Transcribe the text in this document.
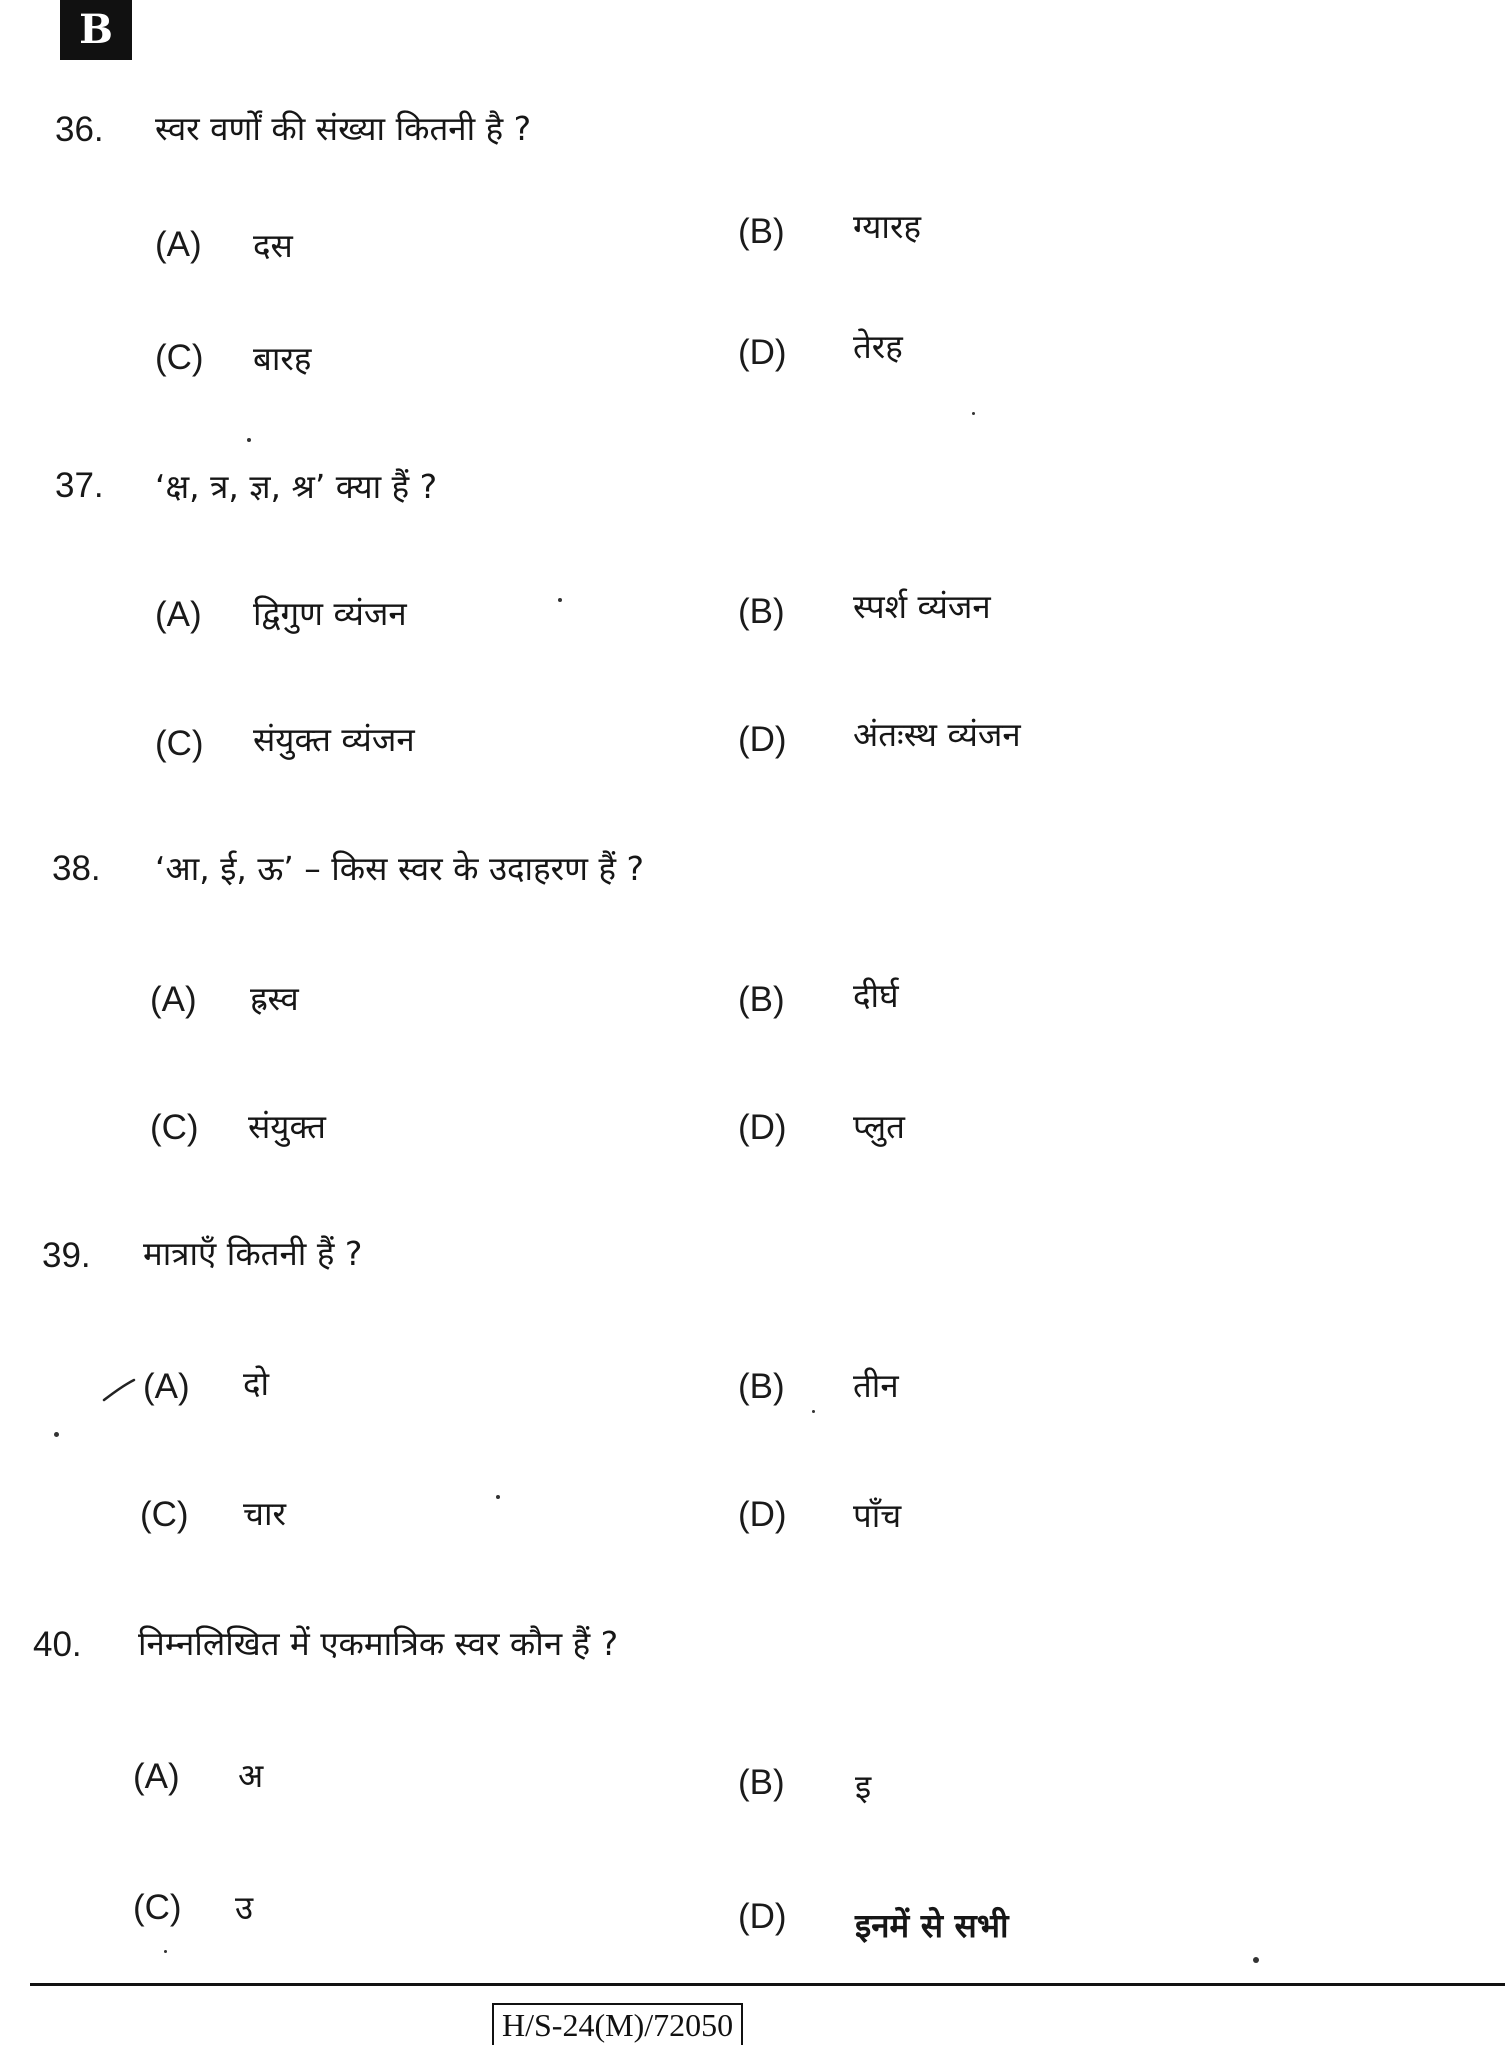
B
36. स्वर वर्णों की संख्या कितनी है ?
(A) दस	(B) ग्यारह
(C) बारह	(D) तेरह
37. ‘क्ष, त्र, ज्ञ, श्र’ क्या हैं ?
(A) द्विगुण व्यंजन	(B) स्पर्श व्यंजन
(C) संयुक्त व्यंजन	(D) अंतःस्थ व्यंजन
38. ‘आ, ई, ऊ’ – किस स्वर के उदाहरण हैं ?
(A) ह्रस्व	(B) दीर्घ
(C) संयुक्त	(D) प्लुत
39. मात्राएँ कितनी हैं ?
(A) दो	(B) तीन
(C) चार	(D) पाँच
40. निम्नलिखित में एकमात्रिक स्वर कौन हैं ?
(A) अ	(B) इ
(C) उ	(D) इनमें से सभी
H/S-24(M)/72050
